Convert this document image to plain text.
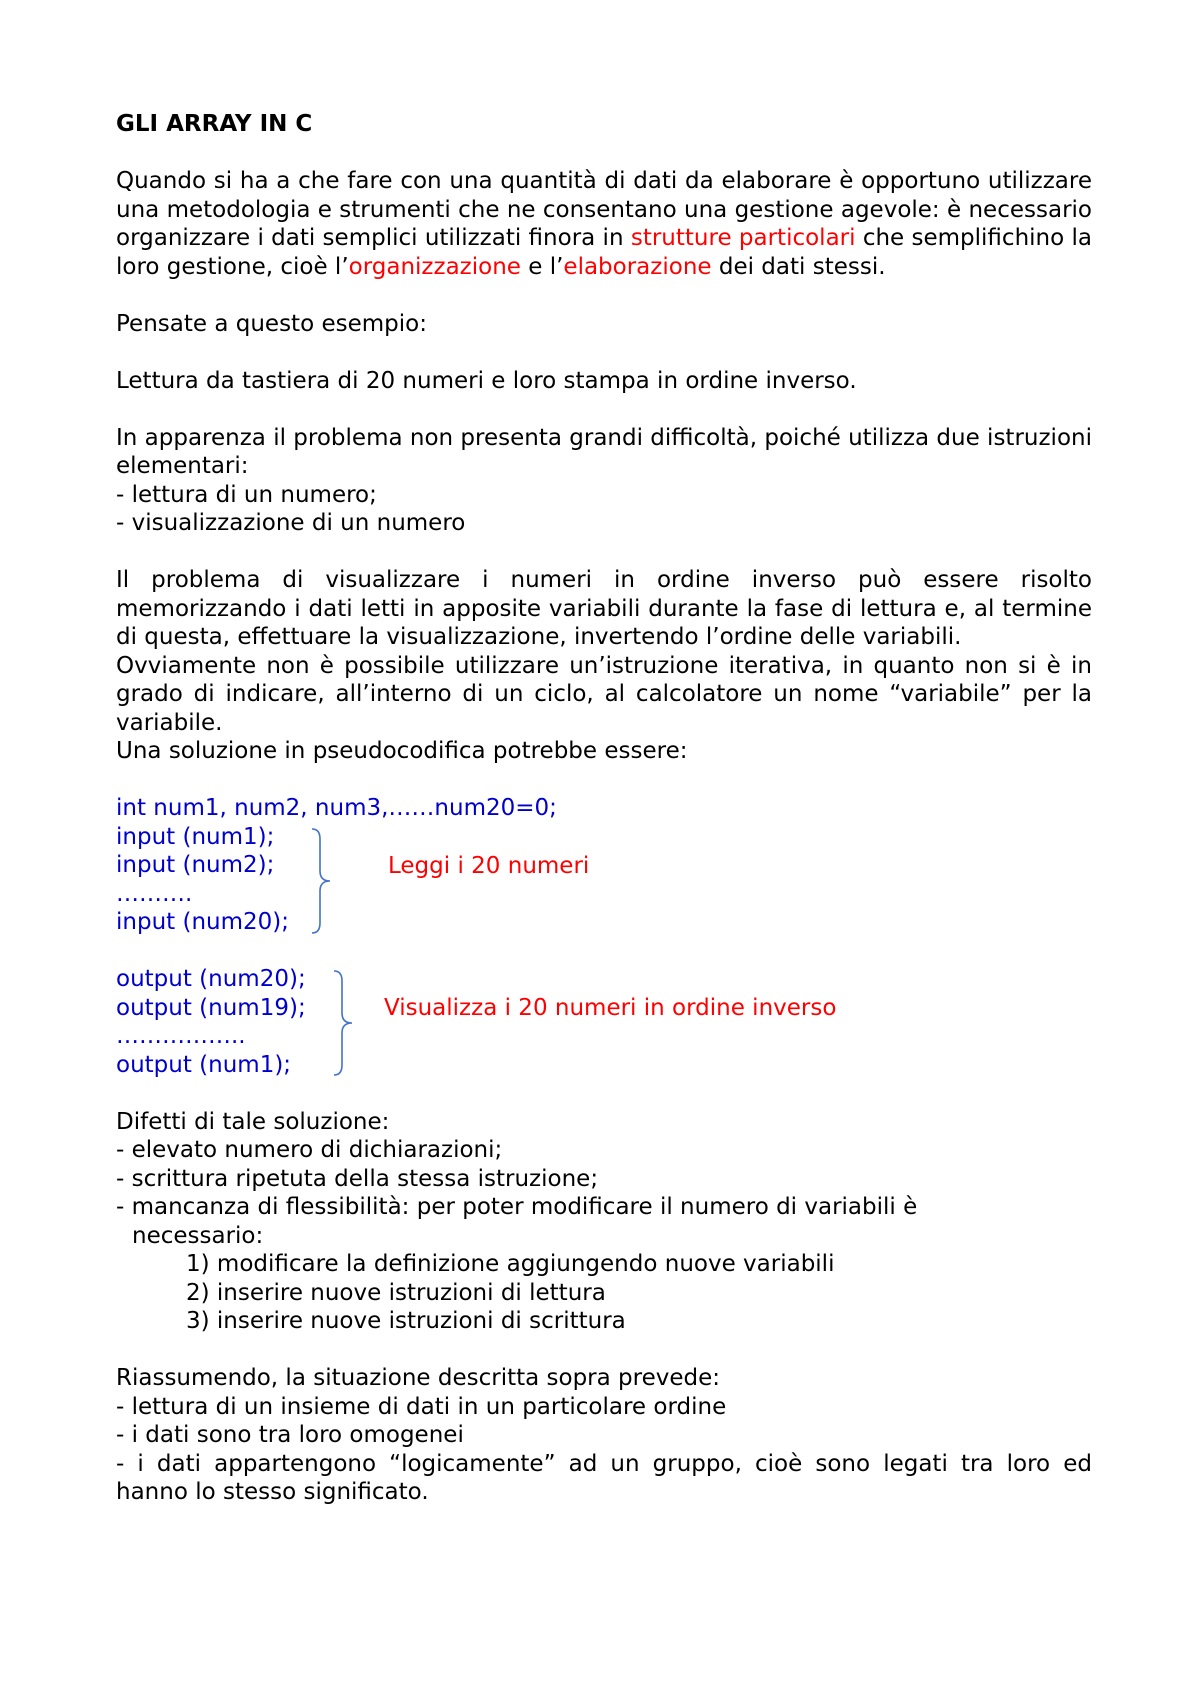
GLI ARRAY IN C

Quando si ha a che fare con una quantità di dati da elaborare è opportuno utilizzare una metodologia e strumenti che ne consentano una gestione agevole: è necessario organizzare i dati semplici utilizzati finora in strutture particolari che semplifichino la loro gestione, cioè l’organizzazione e l’elaborazione dei dati stessi.

Pensate a questo esempio:

Lettura da tastiera di 20 numeri e loro stampa in ordine inverso.

In apparenza il problema non presenta grandi difficoltà, poiché utilizza due istruzioni elementari:

- lettura di un numero;

- visualizzazione di un numero

Il problema di visualizzare i numeri in ordine inverso può essere risolto memorizzando i dati letti in apposite variabili durante la fase di lettura e, al termine di questa, effettuare la visualizzazione, invertendo l’ordine delle variabili.

Ovviamente non è possibile utilizzare un’istruzione iterativa, in quanto non si è in grado di indicare, all’interno di un ciclo, al calcolatore un nome “variabile” per la variabile.

Una soluzione in pseudocodifica potrebbe essere:

int num1, num2, num3,……num20=0;

input (num1);

input (num2);

……….

input (num20);

Leggi i 20 numeri

output (num20);

output (num19);

……………..

output (num1);

Visualizza i 20 numeri in ordine inverso

Difetti di tale soluzione:

- elevato numero di dichiarazioni;

- scrittura ripetuta della stessa istruzione;

- mancanza di flessibilità: per poter modificare il numero di variabili è

necessario:

1) modificare la definizione aggiungendo nuove variabili

2) inserire nuove istruzioni di lettura

3) inserire nuove istruzioni di scrittura

Riassumendo, la situazione descritta sopra prevede:

- lettura di un insieme di dati in un particolare ordine

- i dati sono tra loro omogenei

- i dati appartengono “logicamente” ad un gruppo, cioè sono legati tra loro ed hanno lo stesso significato.
